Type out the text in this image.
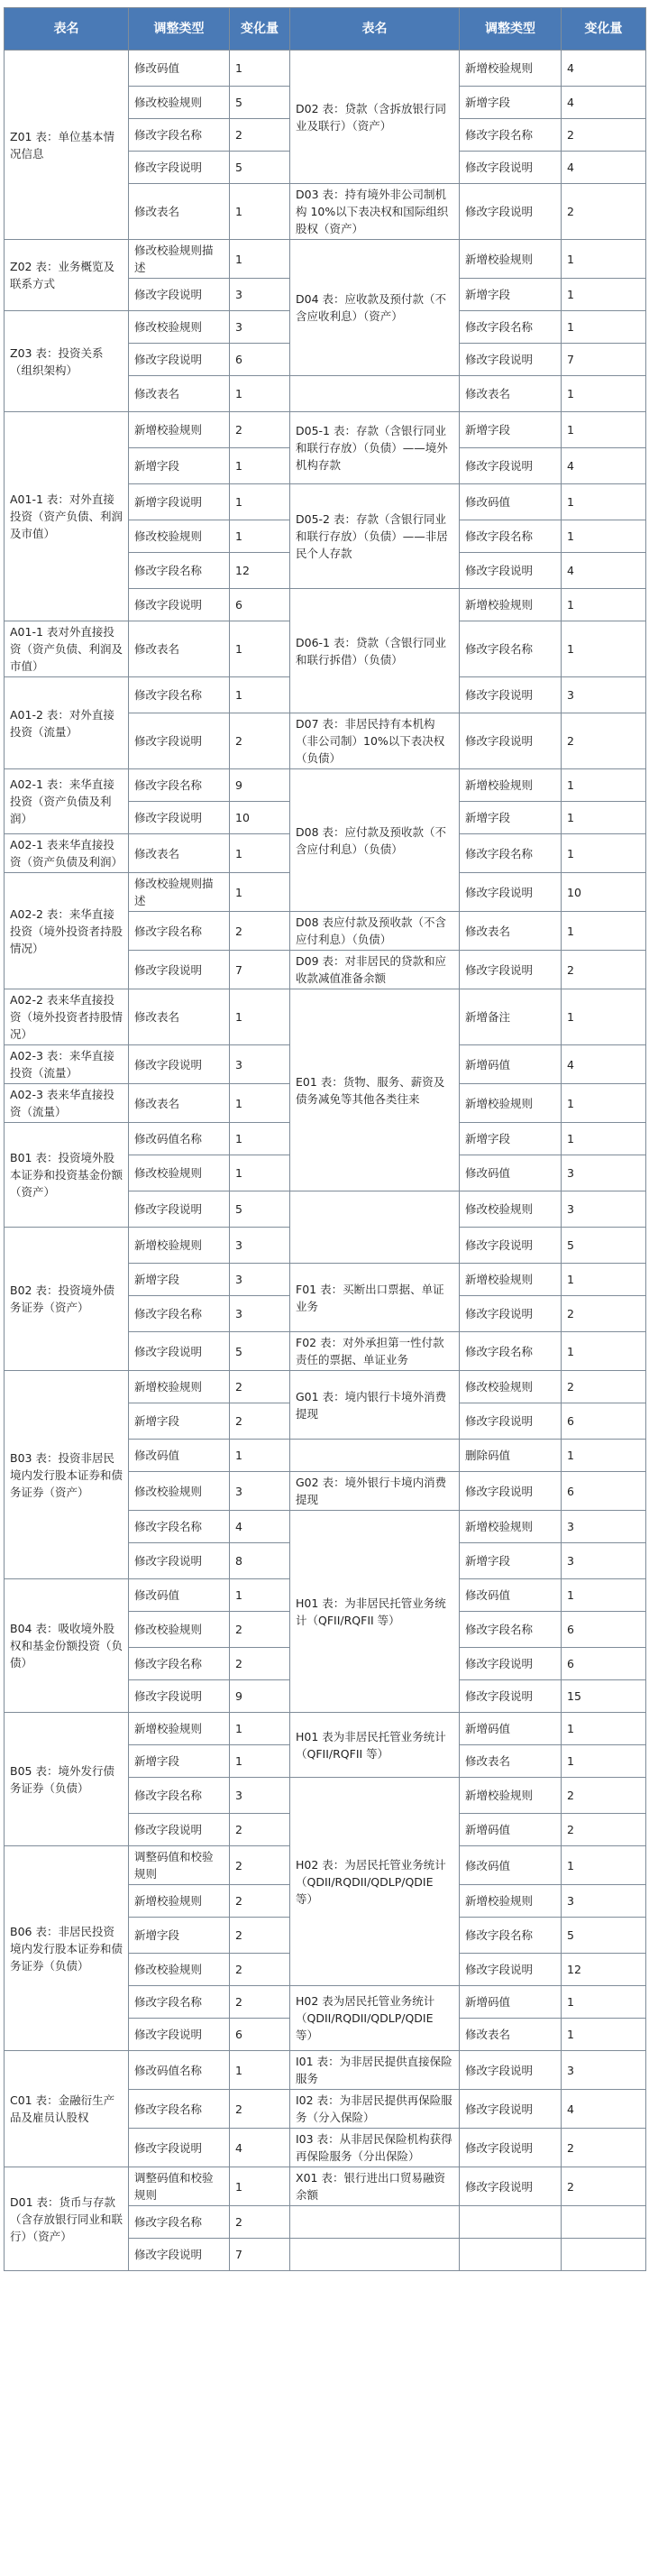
表名	调整类型	变化量	表名	调整类型	变化量
Z01 表：单位基本情况信息	修改码值	1	D02 表：贷款（含拆放银行同业及联行）（资产）	新增校验规则	4
	修改校验规则	5		新增字段	4
	修改字段名称	2		修改字段名称	2
	修改字段说明	5		修改字段说明	4
	修改表名	1	D03 表：持有境外非公司制机构 10%以下表决权和国际组织股权（资产）	修改字段说明	2
Z02 表：业务概览及联系方式	修改校验规则描述	1	D04 表：应收款及预付款（不含应收利息）（资产）	新增校验规则	1
	修改字段说明	3		新增字段	1
Z03 表：投资关系（组织架构）	修改校验规则	3		修改字段名称	1
	修改字段说明	6		修改字段说明	7
	修改表名	1		修改表名	1
A01-1 表：对外直接投资（资产负债、利润及市值）	新增校验规则	2	D05-1 表：存款（含银行同业和联行存放）（负债）——境外机构存款	新增字段	1
	新增字段	1		修改字段说明	4
	新增字段说明	1	D05-2 表：存款（含银行同业和联行存放）（负债）——非居民个人存款	修改码值	1
	修改校验规则	1		修改字段名称	1
	修改字段名称	12		修改字段说明	4
	修改字段说明	6	D06-1 表：贷款（含银行同业和联行拆借）（负债）	新增校验规则	1
A01-1 表对外直接投资（资产负债、利润及市值）	修改表名	1		修改字段名称	1
A01-2 表：对外直接投资（流量）	修改字段名称	1		修改字段说明	3
	修改字段说明	2	D07 表：非居民持有本机构（非公司制）10%以下表决权（负债）	修改字段说明	2
A02-1 表：来华直接投资（资产负债及利润）	修改字段名称	9	D08 表：应付款及预收款（不含应付利息）（负债）	新增校验规则	1
	修改字段说明	10		新增字段	1
A02-1 表来华直接投资（资产负债及利润）	修改表名	1		修改字段名称	1
A02-2 表：来华直接投资（境外投资者持股情况）	修改校验规则描述	1		修改字段说明	10
	修改字段名称	2	D08 表应付款及预收款（不含应付利息）（负债）	修改表名	1
	修改字段说明	7	D09 表：对非居民的贷款和应收款减值准备余额	修改字段说明	2
A02-2 表来华直接投资（境外投资者持股情况）	修改表名	1	E01 表：货物、服务、薪资及债务减免等其他各类往来	新增备注	1
A02-3 表：来华直接投资（流量）	修改字段说明	3		新增码值	4
A02-3 表来华直接投资（流量）	修改表名	1		新增校验规则	1
B01 表：投资境外股本证券和投资基金份额（资产）	修改码值名称	1		新增字段	1
	修改校验规则	1		修改码值	3
	修改字段说明	5		修改校验规则	3
B02 表：投资境外债务证券（资产）	新增校验规则	3		修改字段说明	5
	新增字段	3	F01 表：买断出口票据、单证业务	新增校验规则	1
	修改字段名称	3		修改字段说明	2
	修改字段说明	5	F02 表：对外承担第一性付款责任的票据、单证业务	修改字段名称	1
B03 表：投资非居民境内发行股本证券和债务证券（资产）	新增校验规则	2	G01 表：境内银行卡境外消费提现	修改校验规则	2
	新增字段	2		修改字段说明	6
	修改码值	1		删除码值	1
	修改校验规则	3	G02 表：境外银行卡境内消费提现	修改字段说明	6
	修改字段名称	4	H01 表：为非居民托管业务统计（QFII/RQFII 等）	新增校验规则	3
	修改字段说明	8		新增字段	3
B04 表：吸收境外股权和基金份额投资（负债）	修改码值	1		修改码值	1
	修改校验规则	2		修改字段名称	6
	修改字段名称	2		修改字段说明	6
	修改字段说明	9		修改字段说明	15
B05 表：境外发行债务证券（负债）	新增校验规则	1	H01 表为非居民托管业务统计（QFII/RQFII 等）	新增码值	1
	新增字段	1		修改表名	1
	修改字段名称	3	H02 表：为居民托管业务统计（QDII/RQDII/QDLP/QDIE 等）	新增校验规则	2
	修改字段说明	2		新增码值	2
B06 表：非居民投资境内发行股本证券和债务证券（负债）	调整码值和校验规则	2		修改码值	1
	新增校验规则	2		新增校验规则	3
	新增字段	2		修改字段名称	5
	修改校验规则	2		修改字段说明	12
	修改字段名称	2	H02 表为居民托管业务统计（QDII/RQDII/QDLP/QDIE 等）	新增码值	1
	修改字段说明	6		修改表名	1
C01 表：金融衍生产品及雇员认股权	修改码值名称	1	I01 表：为非居民提供直接保险服务	修改字段说明	3
	修改字段名称	2	I02 表：为非居民提供再保险服务（分入保险）	修改字段说明	4
	修改字段说明	4	I03 表：从非居民保险机构获得再保险服务（分出保险）	修改字段说明	2
D01 表：货币与存款（含存放银行同业和联行）（资产）	调整码值和校验规则	1	X01 表：银行进出口贸易融资余额	修改字段说明	2
	修改字段名称	2			
	修改字段说明	7			
